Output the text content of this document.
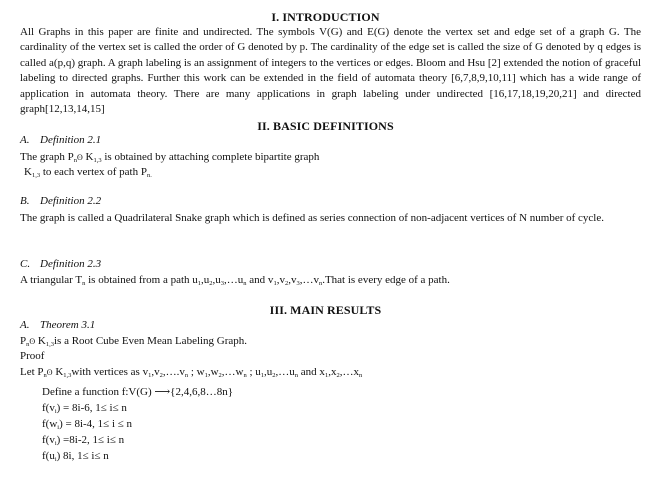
I. INTRODUCTION
All Graphs in this paper are finite and undirected. The symbols V(G) and E(G) denote the vertex set and edge set of a graph G. The cardinality of the vertex set is called the order of G denoted by p. The cardinality of the edge set is called the size of G denoted by q edges is called a(p,q) graph. A graph labeling is an assignment of integers to the vertices or edges. Bloom and Hsu [2] extended the notion of graceful labeling to directed graphs. Further this work can be extended in the field of automata theory [6,7,8,9,10,11] which has a wide range of application in automata theory. There are many applications in graph labeling under undirected [16,17,18,19,20,21] and directed graph[12,13,14,15]
II. BASIC DEFINITIONS
A. Definition 2.1
The graph $P_nʘ$ $K_{1,3}$ is obtained by attaching complete bipartite graph
$K_{1,3}$ to each vertex of path $P_{n.}$
B. Definition 2.2
The graph is called a Quadrilateral Snake graph which is defined as series connection of non-adjacent vertices of N number of cycle.
C. Definition 2.3
A triangular $T_n$ is obtained from a path $u_1,u_2,u_3,\dots u_n$ and $v_1,v_2,v_3,\dots v_n.That$ is every edge of a path.
III. MAIN RESULTS
A. Theorem 3.1
$P_nʘ$ $K_{1,3}is$ a Root Cube Even Mean Labeling Graph.
Proof
Let $P_nʘ$ $K_{1,3}with$ vertices as $v_1,v_2,\dots.v_n$ ; $w_1,w_2,\dots w_n$ ; $u_1,u_2,\dots u_n$ and $x_1,x_2,\dots x_n$
Define a function f:V(G) ⟶{2,4,6,8…8n}
$f(v_i) = 8i-6$, 1≤ i≤ n
$f(w_i) = 8i-4$, 1≤ i ≤ n
$f(v_i) =8i-2$, 1≤ i≤ n
$f(u_i)$ 8i, 1≤ i≤ n
